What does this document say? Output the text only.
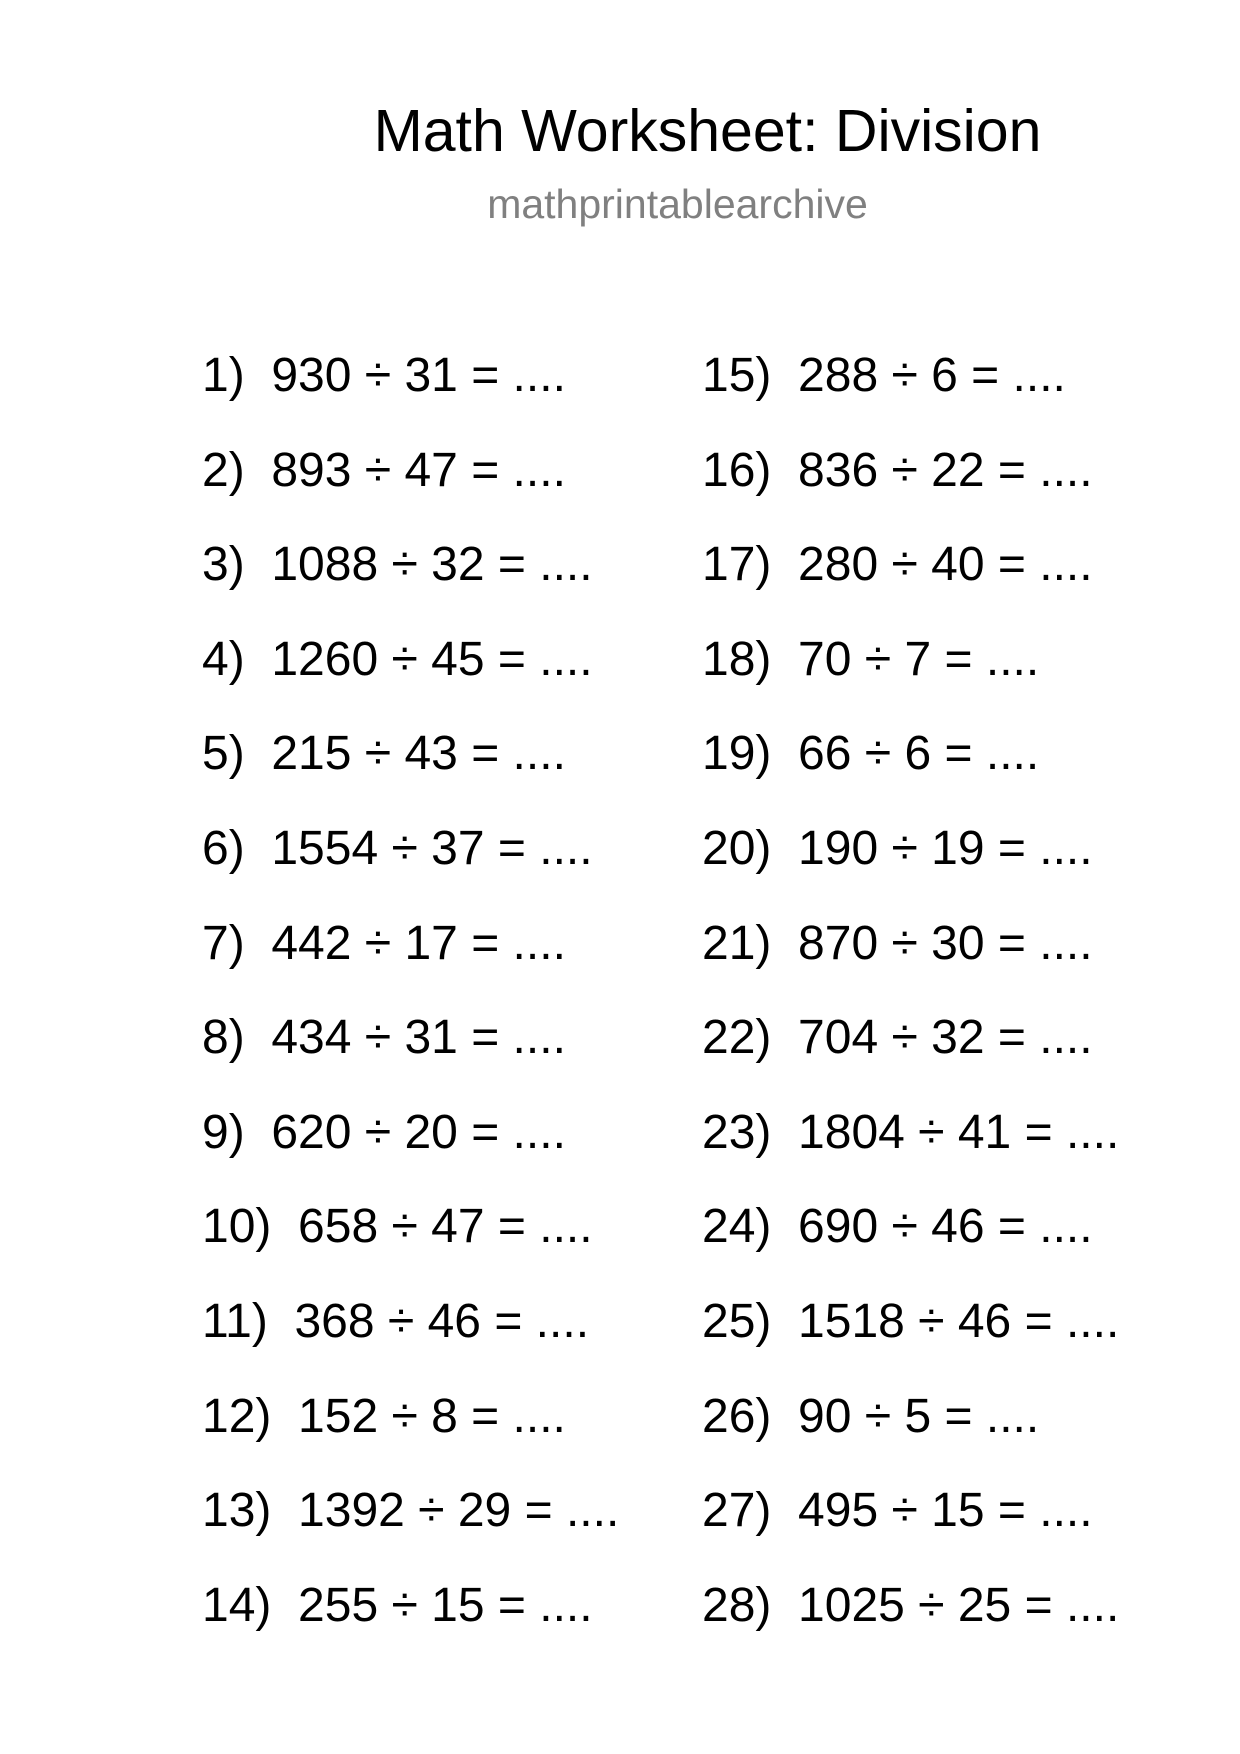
Math Worksheet: Division
mathprintablearchive
1) 930 ÷ 31 = ....
2) 893 ÷ 47 = ....
3) 1088 ÷ 32 = ....
4) 1260 ÷ 45 = ....
5) 215 ÷ 43 = ....
6) 1554 ÷ 37 = ....
7) 442 ÷ 17 = ....
8) 434 ÷ 31 = ....
9) 620 ÷ 20 = ....
10) 658 ÷ 47 = ....
11) 368 ÷ 46 = ....
12) 152 ÷ 8 = ....
13) 1392 ÷ 29 = ....
14) 255 ÷ 15 = ....
15) 288 ÷ 6 = ....
16) 836 ÷ 22 = ....
17) 280 ÷ 40 = ....
18) 70 ÷ 7 = ....
19) 66 ÷ 6 = ....
20) 190 ÷ 19 = ....
21) 870 ÷ 30 = ....
22) 704 ÷ 32 = ....
23) 1804 ÷ 41 = ....
24) 690 ÷ 46 = ....
25) 1518 ÷ 46 = ....
26) 90 ÷ 5 = ....
27) 495 ÷ 15 = ....
28) 1025 ÷ 25 = ....
